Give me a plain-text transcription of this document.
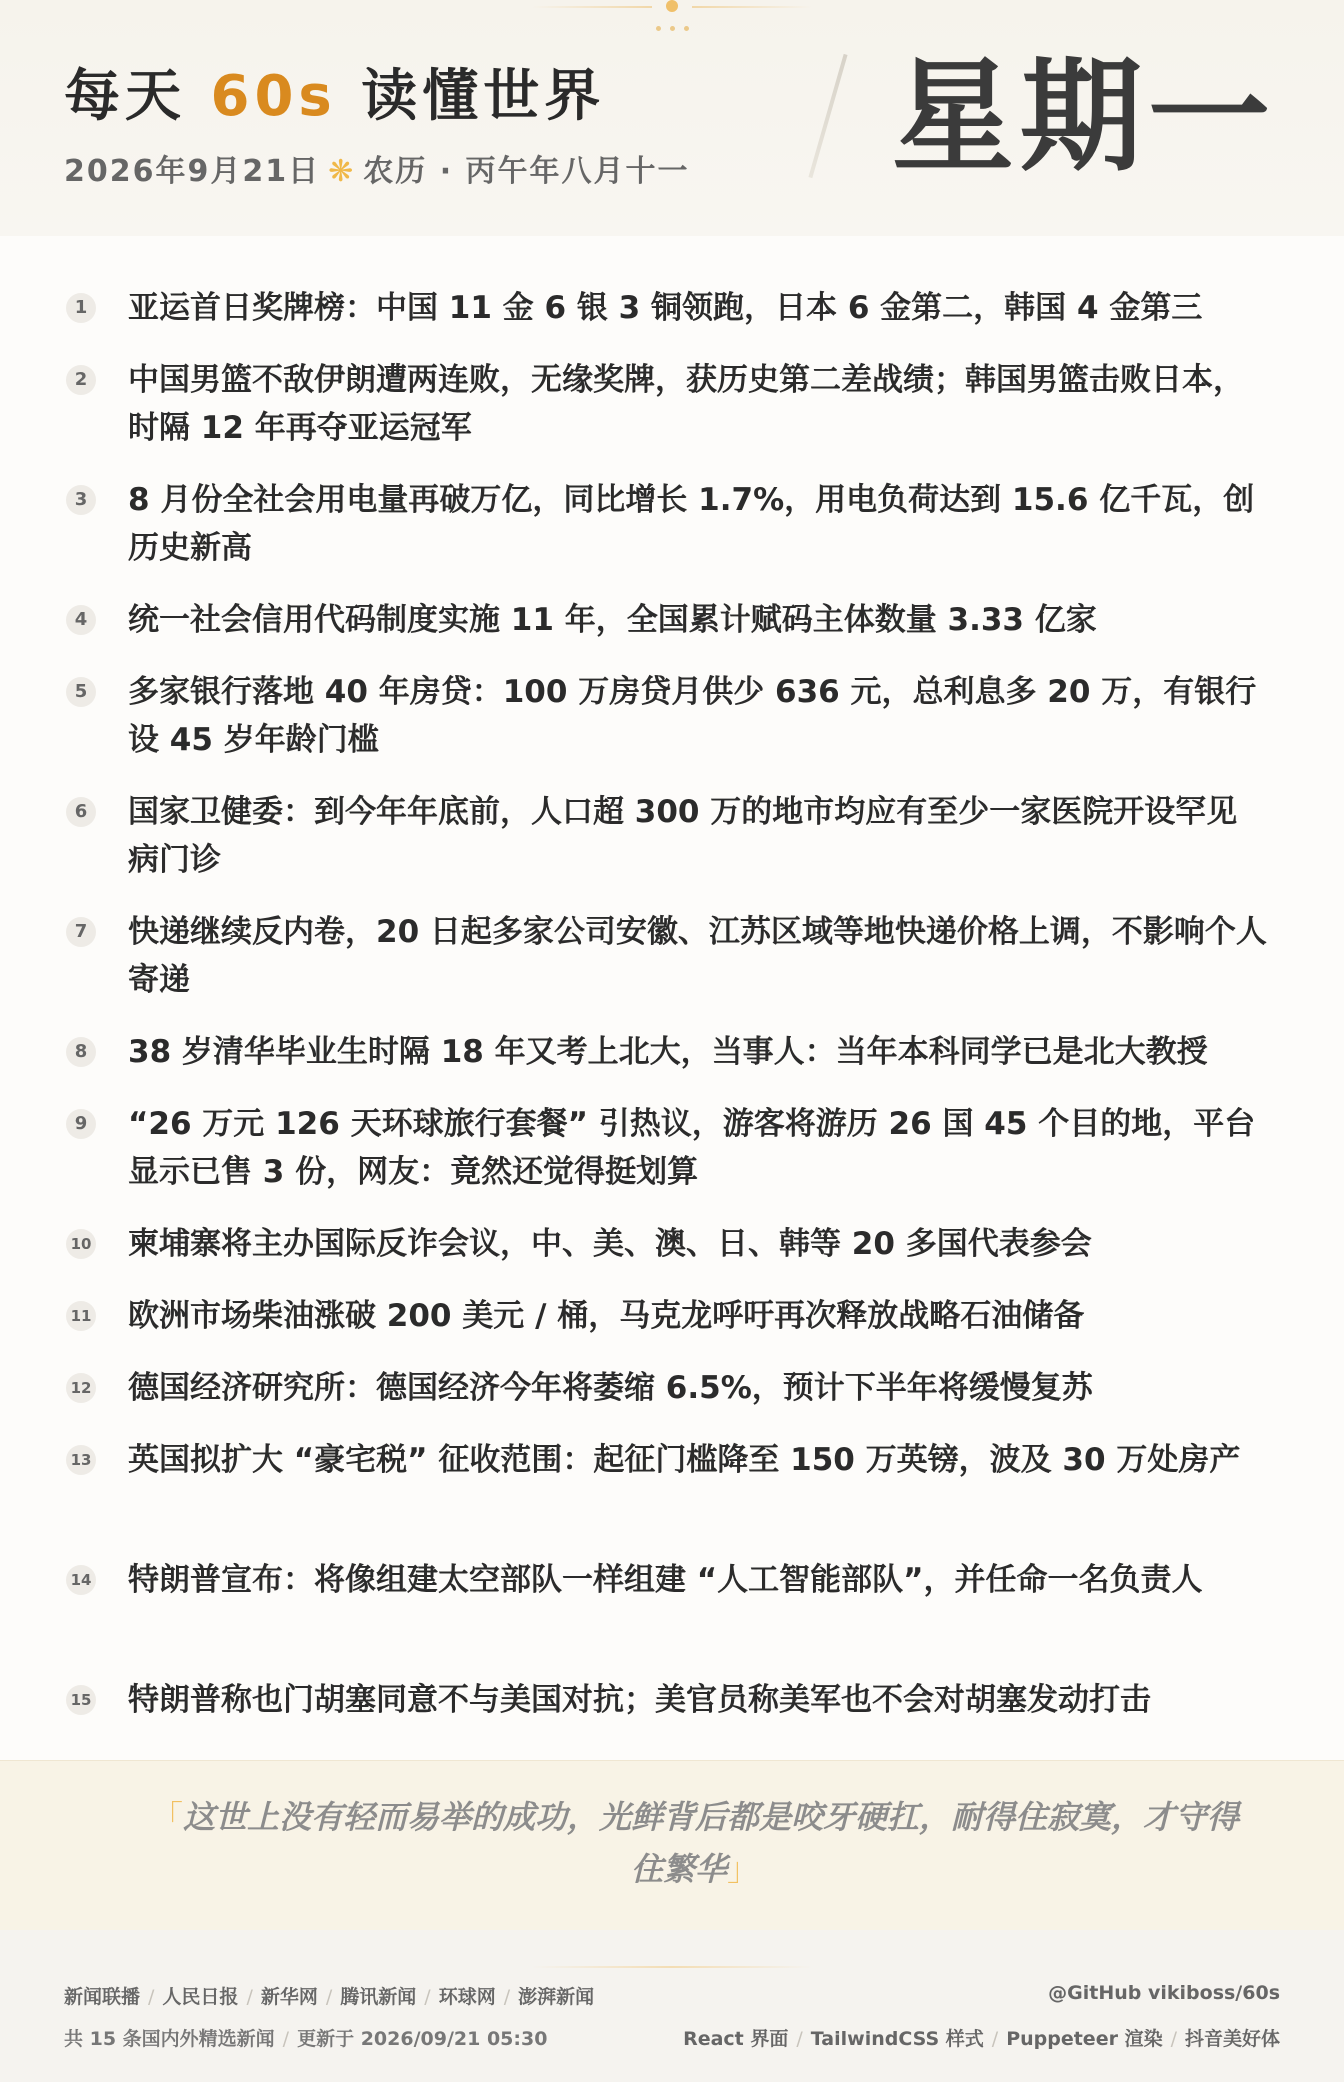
每天 60s 读懂世界
2026年9月21日 ❋ 农历 · 丙午年八月十一 星期一
1 亚运首日奖牌榜：中国 11 金 6 银 3 铜领跑，日本 6 金第二，韩国 4 金第三
2 中国男篮不敌伊朗遭两连败，无缘奖牌，获历史第二差战绩；韩国男篮击败日本，时隔 12 年再夺亚运冠军
3 8 月份全社会用电量再破万亿，同比增长 1.7%，用电负荷达到 15.6 亿千瓦，创历史新高
4 统一社会信用代码制度实施 11 年，全国累计赋码主体数量 3.33 亿家
5 多家银行落地 40 年房贷：100 万房贷月供少 636 元，总利息多 20 万，有银行设 45 岁年龄门槛
6 国家卫健委：到今年年底前，人口超 300 万的地市均应有至少一家医院开设罕见病门诊
7 快递继续反内卷，20 日起多家公司安徽、江苏区域等地快递价格上调，不影响个人寄递
8 38 岁清华毕业生时隔 18 年又考上北大，当事人：当年本科同学已是北大教授
9 “26 万元 126 天环球旅行套餐” 引热议，游客将游历 26 国 45 个目的地，平台显示已售 3 份，网友：竟然还觉得挺划算
10 柬埔寨将主办国际反诈会议，中、美、澳、日、韩等 20 多国代表参会
11 欧洲市场柴油涨破 200 美元 / 桶，马克龙呼吁再次释放战略石油储备
12 德国经济研究所：德国经济今年将萎缩 6.5%，预计下半年将缓慢复苏
13 英国拟扩大 “豪宅税” 征收范围：起征门槛降至 150 万英镑，波及 30 万处房产
14 特朗普宣布：将像组建太空部队一样组建 “人工智能部队”，并任命一名负责人
15 特朗普称也门胡塞同意不与美国对抗；美官员称美军也不会对胡塞发动打击
「这世上没有轻而易举的成功，光鲜背后都是咬牙硬扛，耐得住寂寞，才守得住繁华」
新闻联播 / 人民日报 / 新华网 / 腾讯新闻 / 环球网 / 澎湃新闻	@GitHub vikiboss/60s
共 15 条国内外精选新闻 / 更新于 2026/09/21 05:30	React 界面 / TailwindCSS 样式 / Puppeteer 渲染 / 抖音美好体
